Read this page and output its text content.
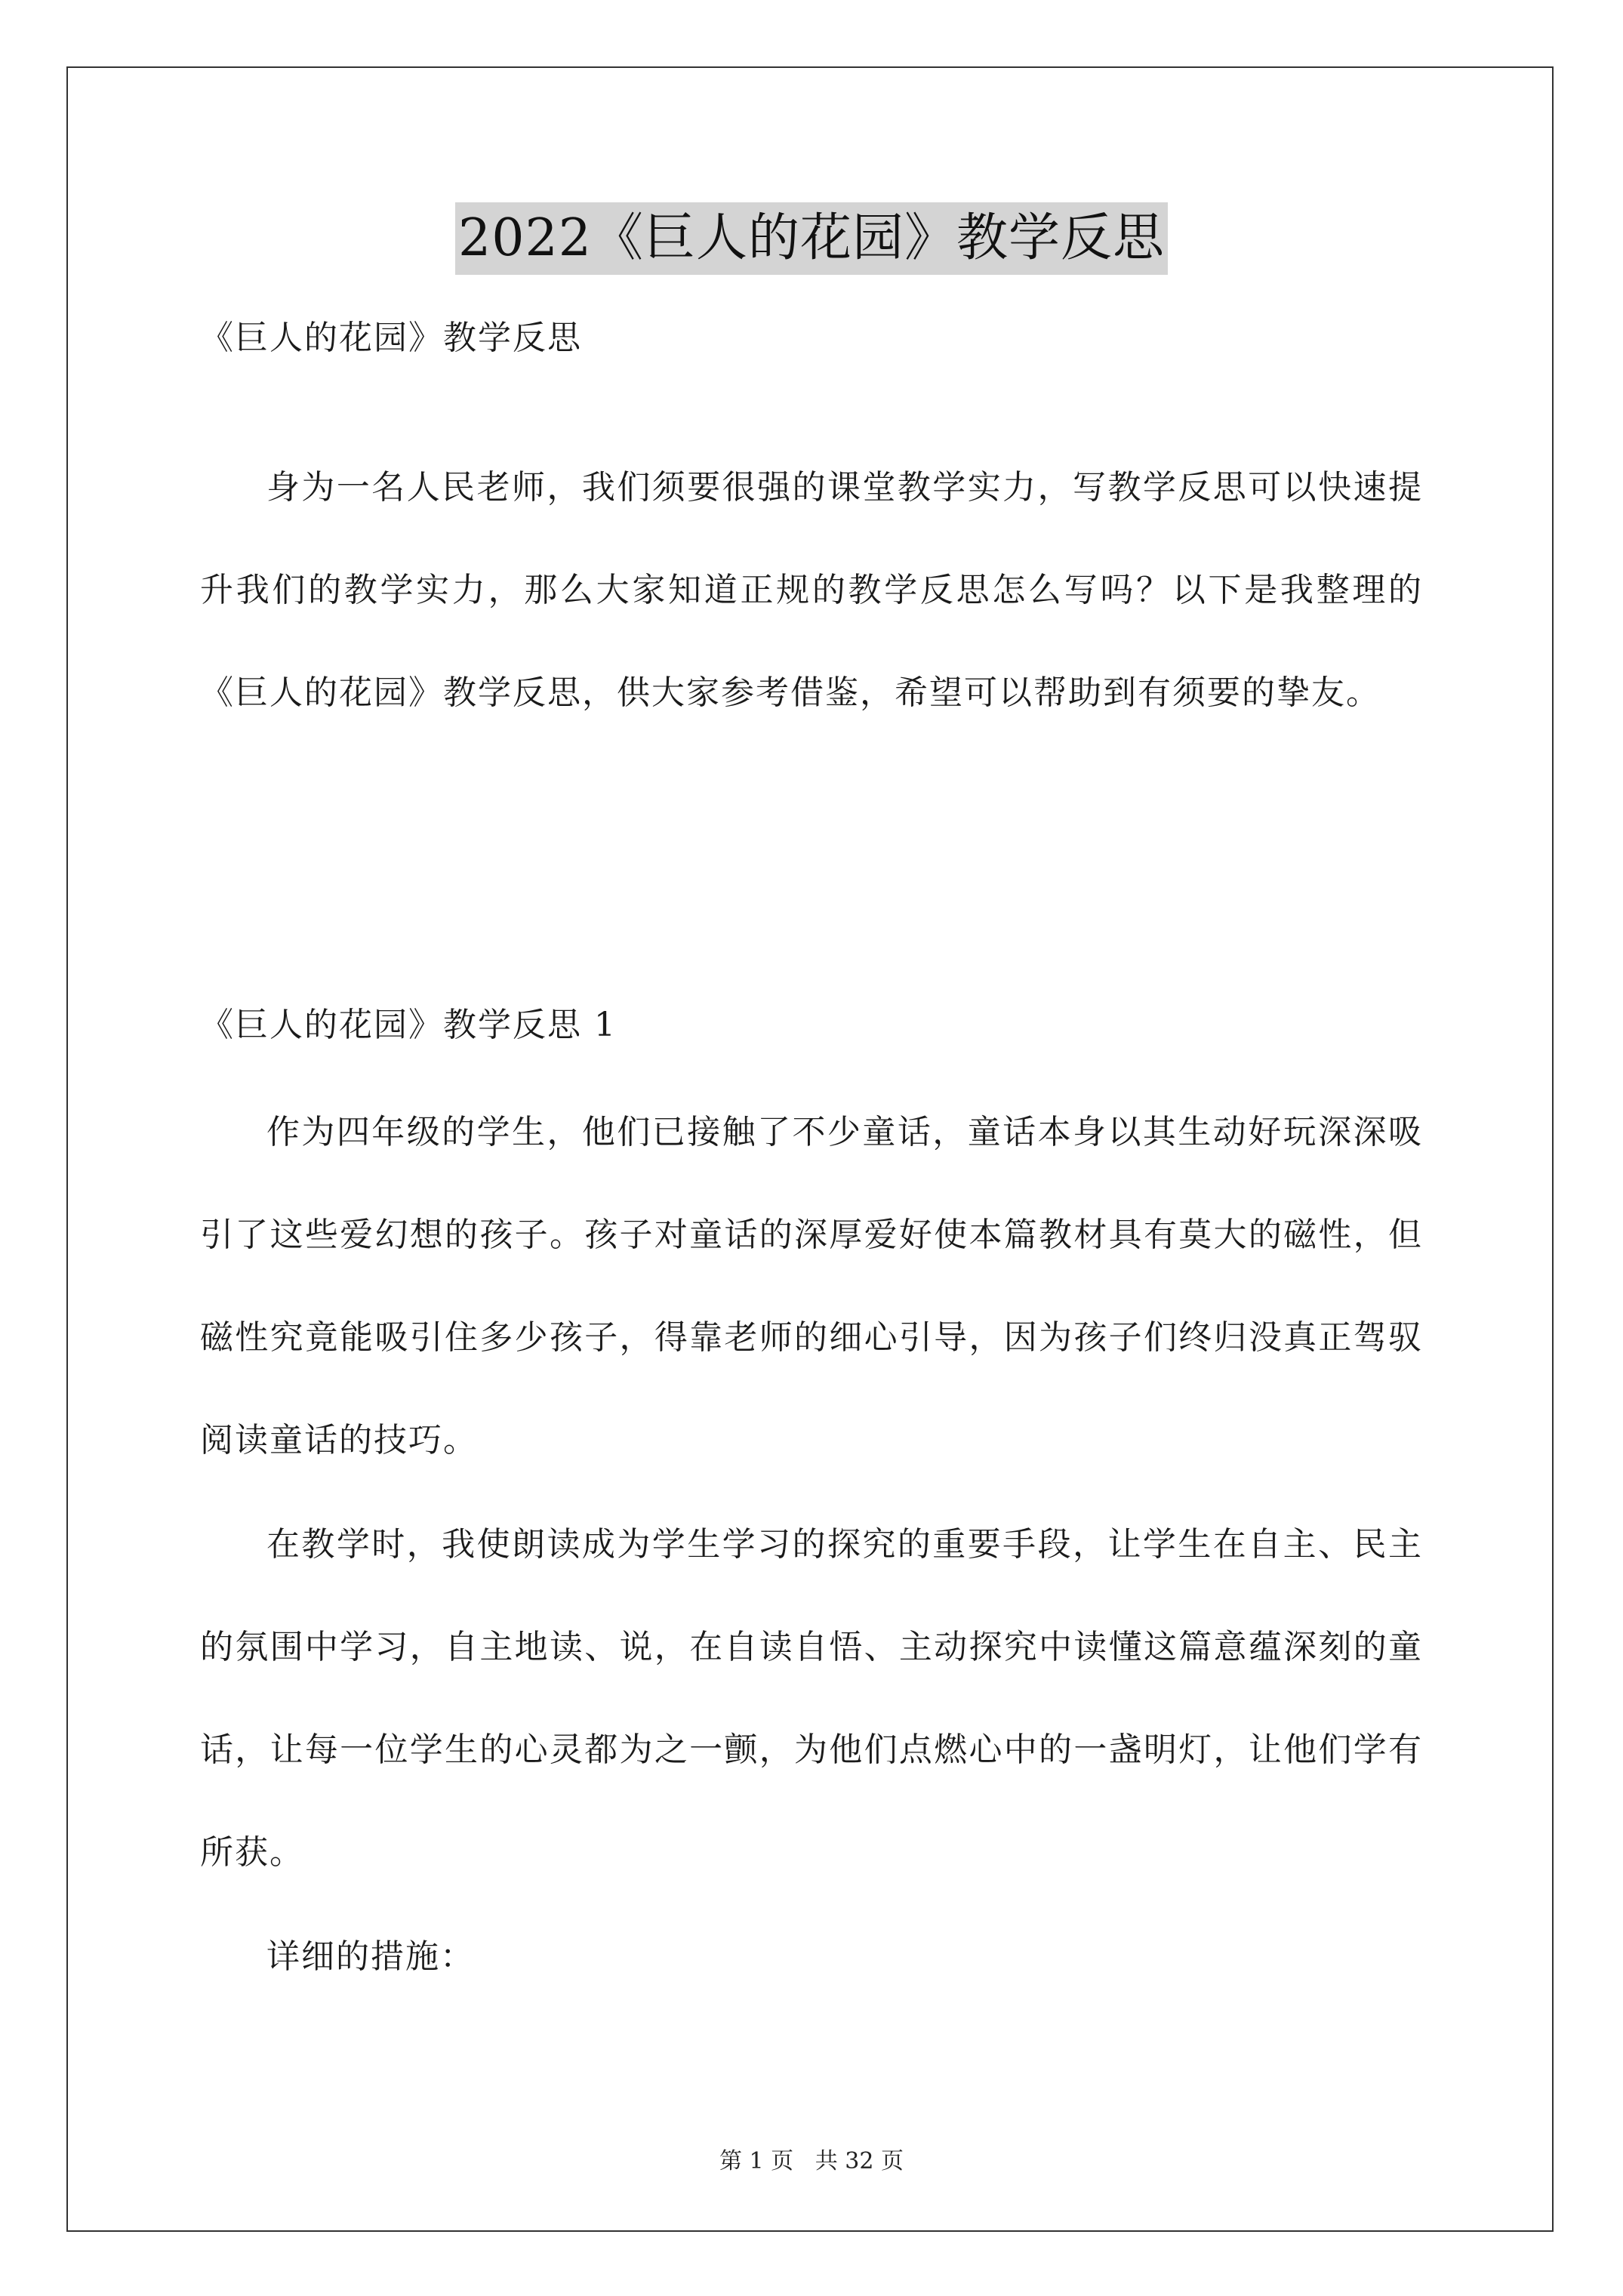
2022《巨人的花园》教学反思
《巨人的花园》教学反思
身为一名人民老师，我们须要很强的课堂教学实力，写教学反思可以快速提升我们的教学实力，那么大家知道正规的教学反思怎么写吗？以下是我整理的《巨人的花园》教学反思，供大家参考借鉴，希望可以帮助到有须要的挚友。
《巨人的花园》教学反思 1
作为四年级的学生，他们已接触了不少童话，童话本身以其生动好玩深深吸引了这些爱幻想的孩子。孩子对童话的深厚爱好使本篇教材具有莫大的磁性，但磁性究竟能吸引住多少孩子，得靠老师的细心引导，因为孩子们终归没真正驾驭阅读童话的技巧。
在教学时，我使朗读成为学生学习的探究的重要手段，让学生在自主、民主的氛围中学习，自主地读、说，在自读自悟、主动探究中读懂这篇意蕴深刻的童话，让每一位学生的心灵都为之一颤，为他们点燃心中的一盏明灯，让他们学有所获。
详细的措施：
第 1 页 共 32 页
